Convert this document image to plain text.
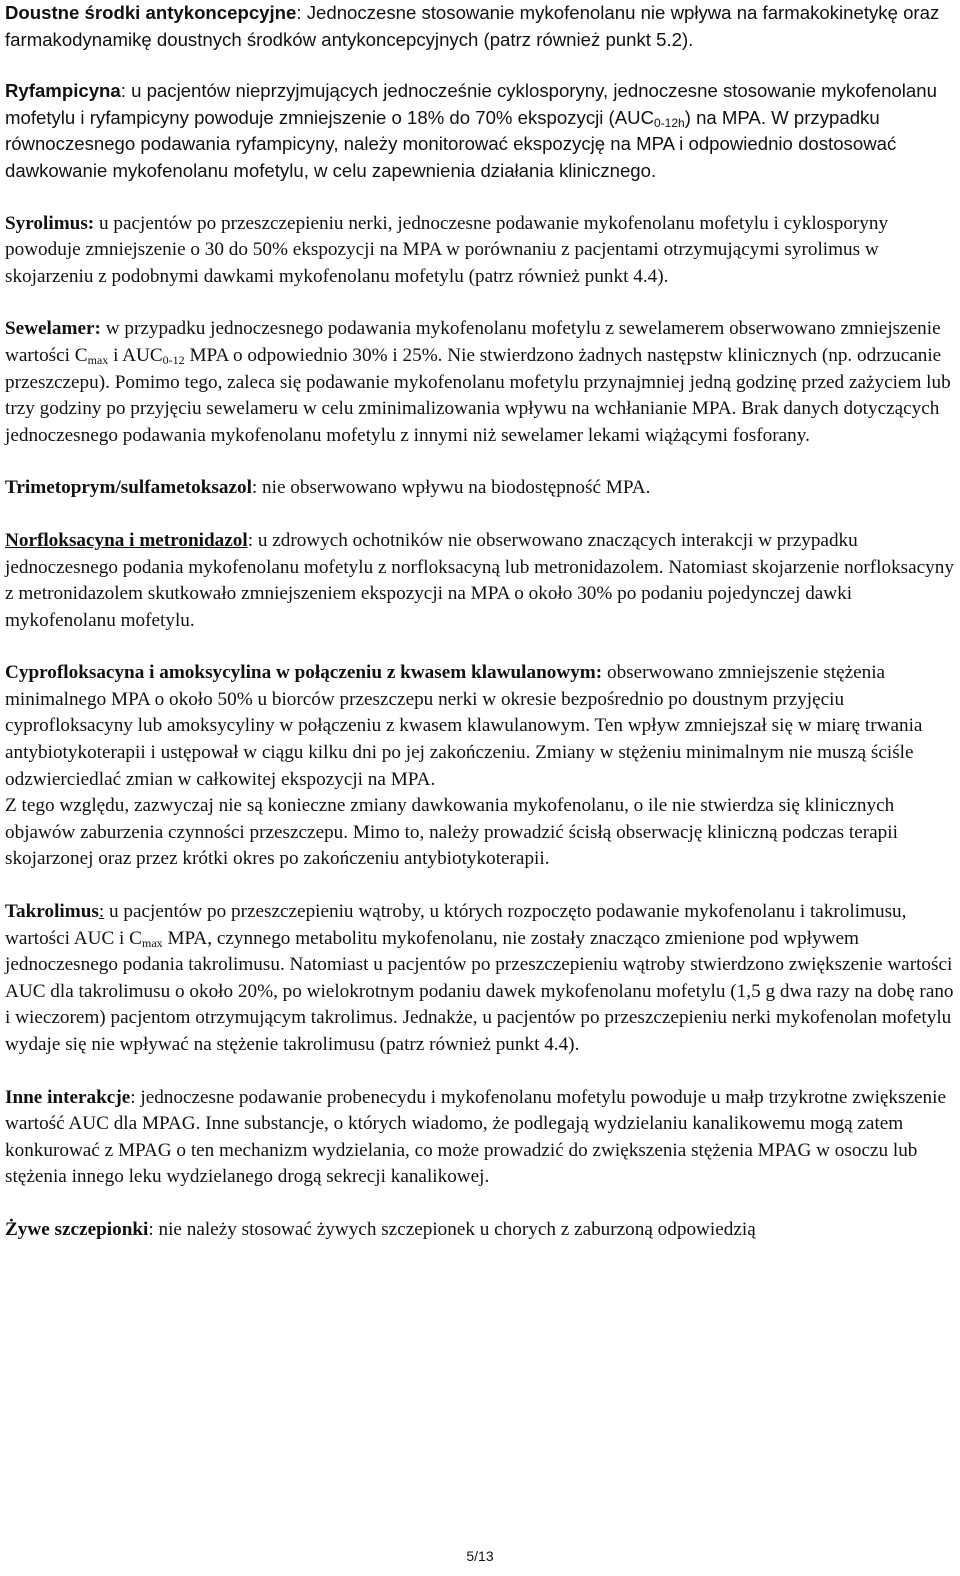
Doustne środki antykoncepcyjne: Jednoczesne stosowanie mykofenolanu nie wpływa na farmakokinetykę oraz farmakodynamikę doustnych środków antykoncepcyjnych (patrz również punkt 5.2).

Ryfampicyna: u pacjentów nieprzyjmujących jednocześnie cyklosporyny, jednoczesne stosowanie mykofenolanu mofetylu i ryfampicyny powoduje zmniejszenie o 18% do 70% ekspozycji $(AUC_{0-12h})$ na MPA. W przypadku równoczesnego podawania ryfampicyny, należy monitorować ekspozycję na MPA i odpowiednio dostosować dawkowanie mykofenolanu mofetylu, w celu zapewnienia działania klinicznego.

Syrolimus: u pacjentów po przeszczepieniu nerki, jednoczesne podawanie mykofenolanu mofetylu i cyklosporyny powoduje zmniejszenie o 30 do 50% ekspozycji na MPA w porównaniu z pacjentami otrzymującymi syrolimus w skojarzeniu z podobnymi dawkami mykofenolanu mofetylu (patrz również punkt 4.4).

Sewelamer: w przypadku jednoczesnego podawania mykofenolanu mofetylu z sewelamerem obserwowano zmniejszenie wartości $C_{max}$ i $AUC_{0-12}$ MPA o odpowiednio 30% i 25%. Nie stwierdzono żadnych następstw klinicznych (np. odrzucanie przeszczepu). Pomimo tego, zaleca się podawanie mykofenolanu mofetylu przynajmniej jedną godzinę przed zażyciem lub trzy godziny po przyjęciu sewelameru w celu zminimalizowania wpływu na wchłanianie MPA. Brak danych dotyczących jednoczesnego podawania mykofenolanu mofetylu z innymi niż sewelamer lekami wiążącymi fosforany.

Trimetoprym/sulfametoksazol: nie obserwowano wpływu na biodostępność MPA.

Norfloksacyna i metronidazol: u zdrowych ochotników nie obserwowano znaczących interakcji w przypadku jednoczesnego podania mykofenolanu mofetylu z norfloksacyną lub metronidazolem. Natomiast skojarzenie norfloksacyny z metronidazolem skutkowało zmniejszeniem ekspozycji na MPA o około 30% po podaniu pojedynczej dawki mykofenolanu mofetylu.

Cyprofloksacyna i amoksycylina w połączeniu z kwasem klawulanowym: obserwowano zmniejszenie stężenia minimalnego MPA o około 50% u biorców przeszczepu nerki w okresie bezpośrednio po doustnym przyjęciu cyprofloksacyny lub amoksycyliny w połączeniu z kwasem klawulanowym. Ten wpływ zmniejszał się w miarę trwania antybiotykoterapii i ustępował w ciągu kilku dni po jej zakończeniu. Zmiany w stężeniu minimalnym nie muszą ściśle odzwierciedlać zmian w całkowitej ekspozycji na MPA.

Z tego względu, zazwyczaj nie są konieczne zmiany dawkowania mykofenolanu, o ile nie stwierdza się klinicznych objawów zaburzenia czynności przeszczepu. Mimo to, należy prowadzić ścisłą obserwację kliniczną podczas terapii skojarzonej oraz przez krótki okres po zakończeniu antybiotykoterapii.

Takrolimus: u pacjentów po przeszczepieniu wątroby, u których rozpoczęto podawanie mykofenolanu i takrolimusu, wartości AUC i $C_{max}$ MPA, czynnego metabolitu mykofenolanu, nie zostały znacząco zmienione pod wpływem jednoczesnego podania takrolimusu. Natomiast u pacjentów po przeszczepieniu wątroby stwierdzono zwiększenie wartości AUC dla takrolimusu o około 20%, po wielokrotnym podaniu dawek mykofenolanu mofetylu (1,5 g dwa razy na dobę rano i wieczorem) pacjentom otrzymującym takrolimus. Jednakże, u pacjentów po przeszczepieniu nerki mykofenolan mofetylu wydaje się nie wpływać na stężenie takrolimusu (patrz również punkt 4.4).

Inne interakcje: jednoczesne podawanie probenecydu i mykofenolanu mofetylu powoduje u małp trzykrotne zwiększenie wartość AUC dla MPAG. Inne substancje, o których wiadomo, że podlegają wydzielaniu kanalikowemu mogą zatem konkurować z MPAG o ten mechanizm wydzielania, co może prowadzić do zwiększenia stężenia MPAG w osoczu lub stężenia innego leku wydzielanego drogą sekrecji kanalikowej.

Żywe szczepionki: nie należy stosować żywych szczepionek u chorych z zaburzoną odpowiedzią

5/13
